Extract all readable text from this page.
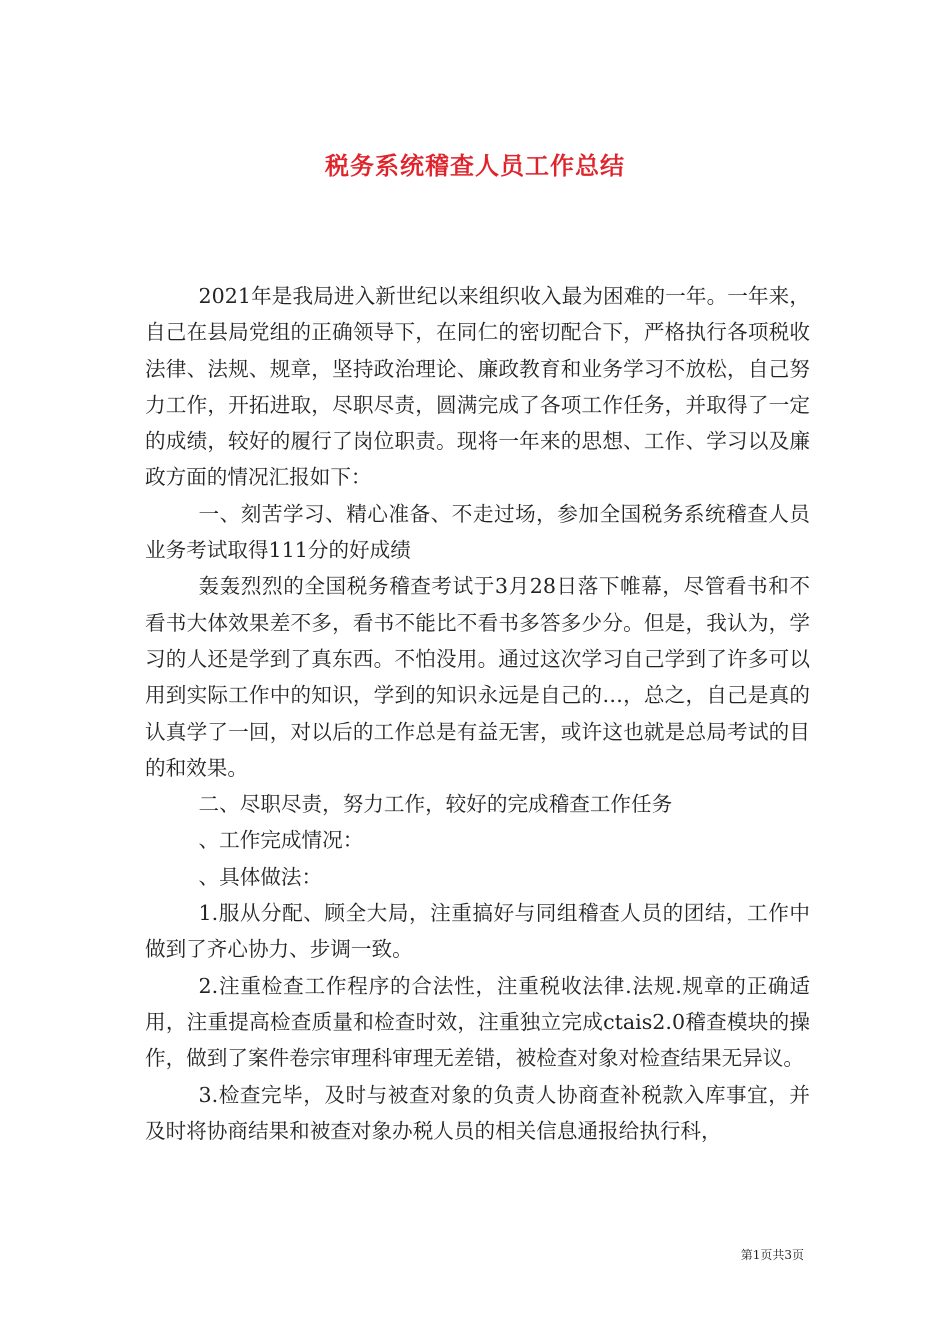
税务系统稽查人员工作总结

2021年是我局进入新世纪以来组织收入最为困难的一年。一年来，自己在县局党组的正确领导下，在同仁的密切配合下，严格执行各项税收法律、法规、规章，坚持政治理论、廉政教育和业务学习不放松，自己努力工作，开拓进取，尽职尽责，圆满完成了各项工作任务，并取得了一定的成绩，较好的履行了岗位职责。现将一年来的思想、工作、学习以及廉政方面的情况汇报如下：

一、刻苦学习、精心准备、不走过场，参加全国税务系统稽查人员业务考试取得111分的好成绩

轰轰烈烈的全国税务稽查考试于3月28日落下帷幕，尽管看书和不看书大体效果差不多，看书不能比不看书多答多少分。但是，我认为，学习的人还是学到了真东西。不怕没用。通过这次学习自己学到了许多可以用到实际工作中的知识，学到的知识永远是自己的…，总之，自己是真的认真学了一回，对以后的工作总是有益无害，或许这也就是总局考试的目的和效果。

二、尽职尽责，努力工作，较好的完成稽查工作任务

、工作完成情况：

、具体做法：

1.服从分配、顾全大局，注重搞好与同组稽查人员的团结，工作中做到了齐心协力、步调一致。

2.注重检查工作程序的合法性，注重税收法律.法规.规章的正确适用，注重提高检查质量和检查时效，注重独立完成ctais2.0稽查模块的操作，做到了案件卷宗审理科审理无差错，被检查对象对检查结果无异议。

3.检查完毕，及时与被查对象的负责人协商查补税款入库事宜，并及时将协商结果和被查对象办税人员的相关信息通报给执行科，

第1页共3页
